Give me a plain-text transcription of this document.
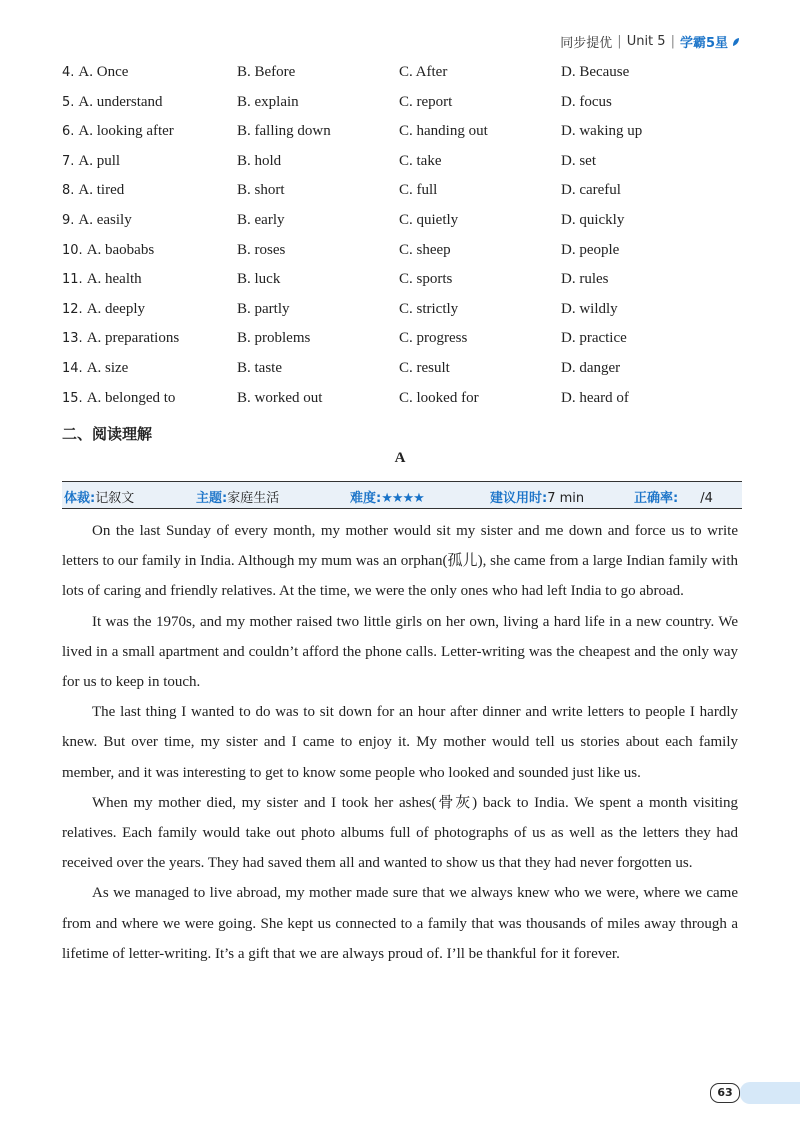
同步提优 | Unit 5 | 学霸5星
4. A. Once	B. Before	C. After	D. Because
5. A. understand	B. explain	C. report	D. focus
6. A. looking after	B. falling down	C. handing out	D. waking up
7. A. pull	B. hold	C. take	D. set
8. A. tired	B. short	C. full	D. careful
9. A. easily	B. early	C. quietly	D. quickly
10. A. baobabs	B. roses	C. sheep	D. people
11. A. health	B. luck	C. sports	D. rules
12. A. deeply	B. partly	C. strictly	D. wildly
13. A. preparations	B. problems	C. progress	D. practice
14. A. size	B. taste	C. result	D. danger
15. A. belonged to	B. worked out	C. looked for	D. heard of
二、阅读理解
A
体裁:记叙文	主题:家庭生活	难度:★★★★	建议用时:7 min	正确率: /4

On the last Sunday of every month, my mother would sit my sister and me down and force us to write letters to our family in India. Although my mum was an orphan(孤儿), she came from a large Indian family with lots of caring and friendly relatives. At the time, we were the only ones who had left India to go abroad.

It was the 1970s, and my mother raised two little girls on her own, living a hard life in a new country. We lived in a small apartment and couldn’t afford the phone calls. Letter-writing was the cheapest and the only way for us to keep in touch.

The last thing I wanted to do was to sit down for an hour after dinner and write letters to people I hardly knew. But over time, my sister and I came to enjoy it. My mother would tell us stories about each family member, and it was interesting to get to know some people who looked and sounded just like us.

When my mother died, my sister and I took her ashes(骨灰) back to India. We spent a month visiting relatives. Each family would take out photo albums full of photographs of us as well as the letters they had received over the years. They had saved them all and wanted to show us that they had never forgotten us.

As we managed to live abroad, my mother made sure that we always knew who we were, where we came from and where we were going. She kept us connected to a family that was thousands of miles away through a lifetime of letter-writing. It’s a gift that we are always proud of. I’ll be thankful for it forever.

63
